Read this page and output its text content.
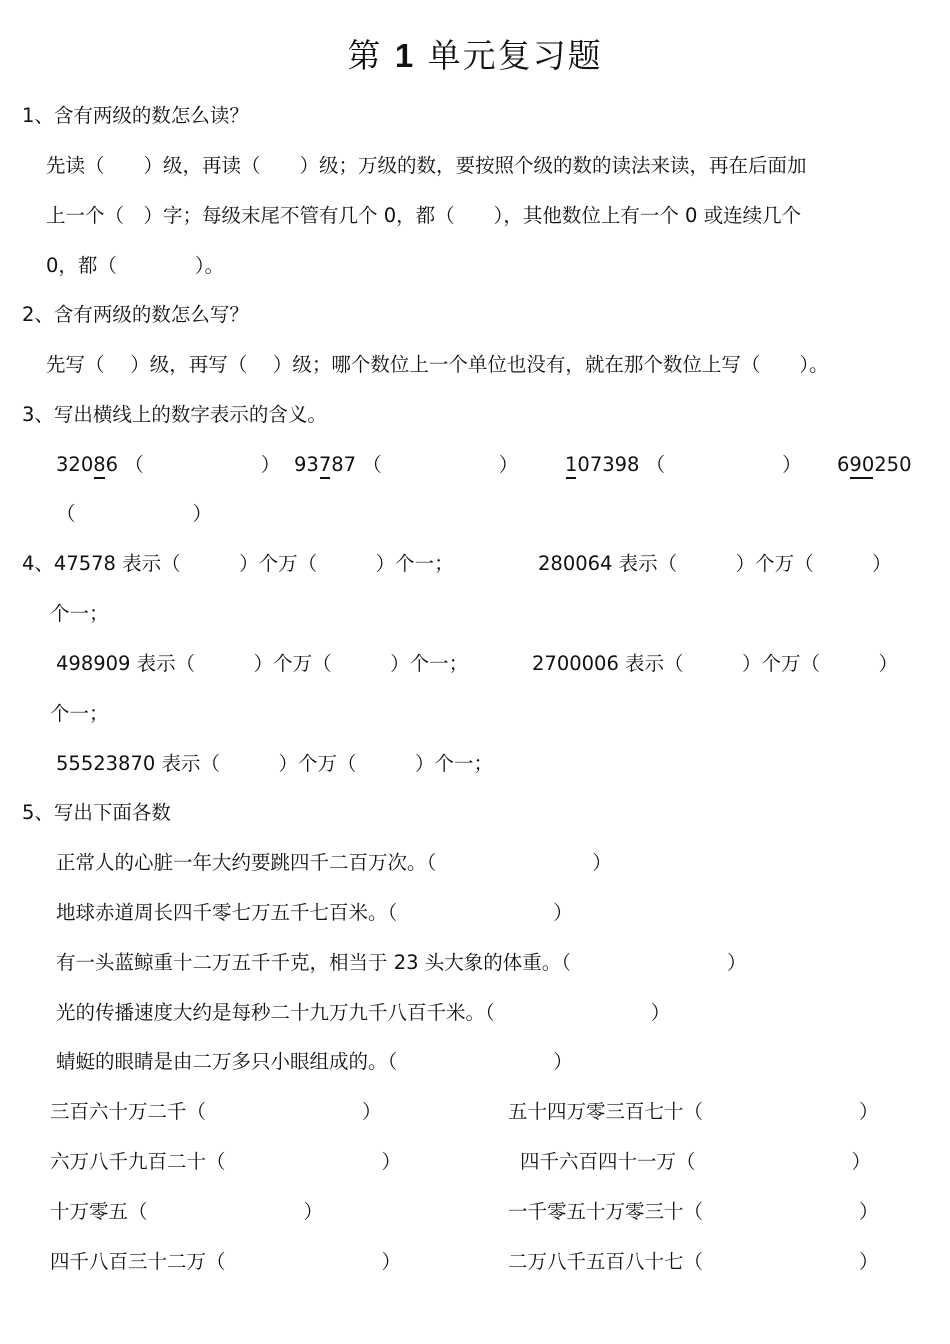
第 1 单元复习题
1、含有两级的数怎么读？
先读（　　）级，再读（　　）级；万级的数，要按照个级的数的读法来读，再在后面加
上一个（　）字；每级末尾不管有几个 0，都（　　），其他数位上有一个 0 或连续几个
0，都（　　　　）。
2、含有两级的数怎么写？
先写（　 ）级，再写（　 ）级；哪个数位上一个单位也没有，就在那个数位上写（　　）。
3、写出横线上的数字表示的含义。
32086 （　　　　　　） 93787 （　　　　　　） 107398 （　　　　　　） 690250
（　　　　　　）
4、47578 表示（　　　）个万（　　　）个一；	280064 表示（　　　）个万（　　　）
个一；
498909 表示（　　　）个万（　　　）个一；	2700006 表示（　　　）个万（　　　）
个一；
55523870 表示（　　　）个万（　　　）个一；
5、写出下面各数
正常人的心脏一年大约要跳四千二百万次。（　　　　　　　　）
地球赤道周长四千零七万五千七百米。（　　　　　　　　）
有一头蓝鲸重十二万五千千克，相当于 23 头大象的体重。（　　　　　　　　）
光的传播速度大约是每秒二十九万九千八百千米。（　　　　　　　　）
蜻蜓的眼睛是由二万多只小眼组成的。（　　　　　　　　）
三百六十万二千（　　　　　　　　）	五十四万零三百七十（　　　　　　　　）
六万八千九百二十（　　　　　　　　）	四千六百四十一万（　　　　　　　　）
十万零五（　　　　　　　　）	一千零五十万零三十（　　　　　　　　）
四千八百三十二万（　　　　　　　　）	二万八千五百八十七（　　　　　　　　）
